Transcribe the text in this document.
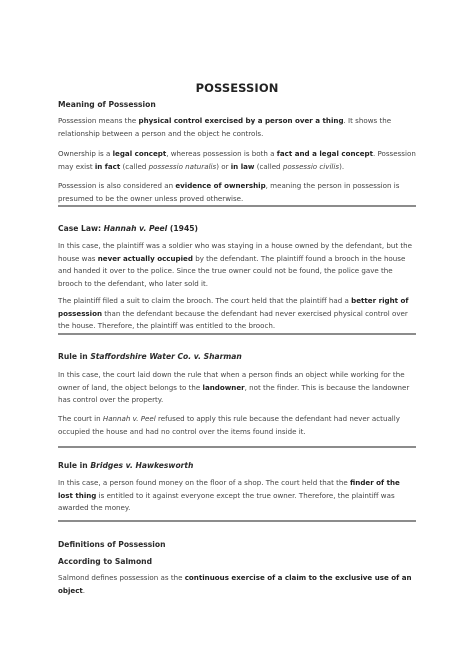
POSSESSION
Meaning of Possession
Possession means the physical control exercised by a person over a thing. It shows the relationship between a person and the object he controls.
Ownership is a legal concept, whereas possession is both a fact and a legal concept. Possession may exist in fact (called possessio naturalis) or in law (called possessio civilis).
Possession is also considered an evidence of ownership, meaning the person in possession is presumed to be the owner unless proved otherwise.
Case Law: Hannah v. Peel (1945)
In this case, the plaintiff was a soldier who was staying in a house owned by the defendant, but the house was never actually occupied by the defendant. The plaintiff found a brooch in the house and handed it over to the police. Since the true owner could not be found, the police gave the brooch to the defendant, who later sold it.
The plaintiff filed a suit to claim the brooch. The court held that the plaintiff had a better right of possession than the defendant because the defendant had never exercised physical control over the house. Therefore, the plaintiff was entitled to the brooch.
Rule in Staffordshire Water Co. v. Sharman
In this case, the court laid down the rule that when a person finds an object while working for the owner of land, the object belongs to the landowner, not the finder. This is because the landowner has control over the property.
The court in Hannah v. Peel refused to apply this rule because the defendant had never actually occupied the house and had no control over the items found inside it.
Rule in Bridges v. Hawkesworth
In this case, a person found money on the floor of a shop. The court held that the finder of the lost thing is entitled to it against everyone except the true owner. Therefore, the plaintiff was awarded the money.
Definitions of Possession
According to Salmond
Salmond defines possession as the continuous exercise of a claim to the exclusive use of an object.
